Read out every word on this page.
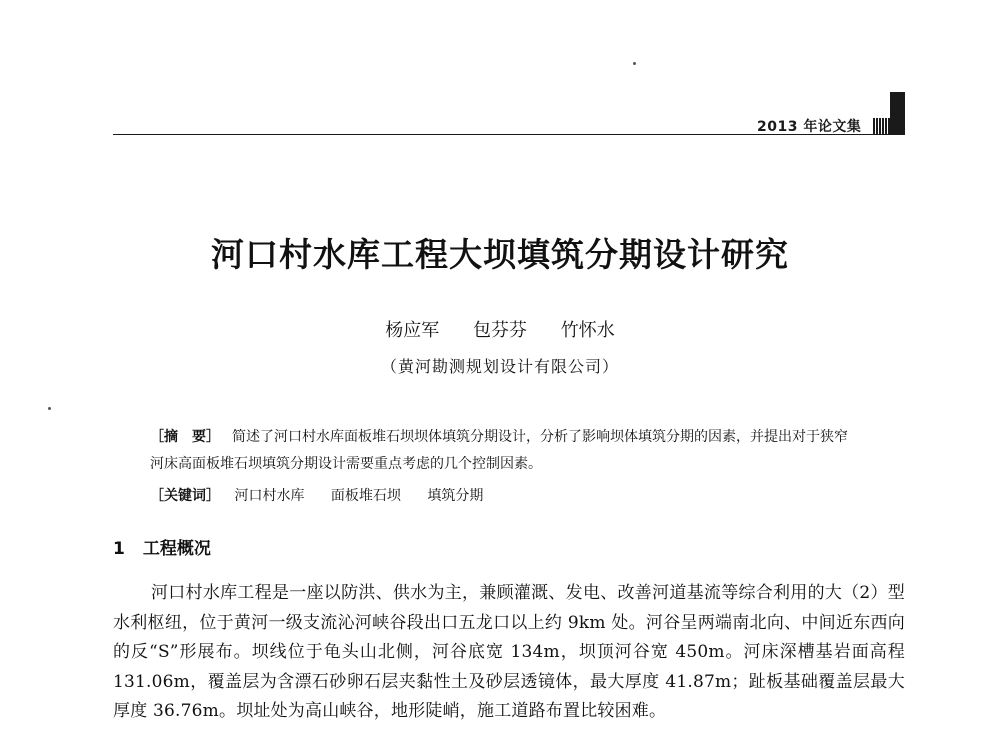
2013 年论文集
河口村水库工程大坝填筑分期设计研究
杨应军 包芬芬 竹怀水
（黄河勘测规划设计有限公司）
［摘　要］ 简述了河口村水库面板堆石坝坝体填筑分期设计，分析了影响坝体填筑分期的因素，并提出对于狭窄河床高面板堆石坝填筑分期设计需要重点考虑的几个控制因素。
［关键词］ 河口村水库 面板堆石坝 填筑分期
1 工程概况
河口村水库工程是一座以防洪、供水为主，兼顾灌溉、发电、改善河道基流等综合利用的大（2）型水利枢纽，位于黄河一级支流沁河峡谷段出口五龙口以上约 9km 处。河谷呈两端南北向、中间近东西向的反“S”形展布。坝线位于龟头山北侧，河谷底宽 134m，坝顶河谷宽 450m。河床深槽基岩面高程 131.06m，覆盖层为含漂石砂卵石层夹黏性土及砂层透镜体，最大厚度 41.87m；趾板基础覆盖层最大厚度 36.76m。坝址处为高山峡谷，地形陡峭，施工道路布置比较困难。
